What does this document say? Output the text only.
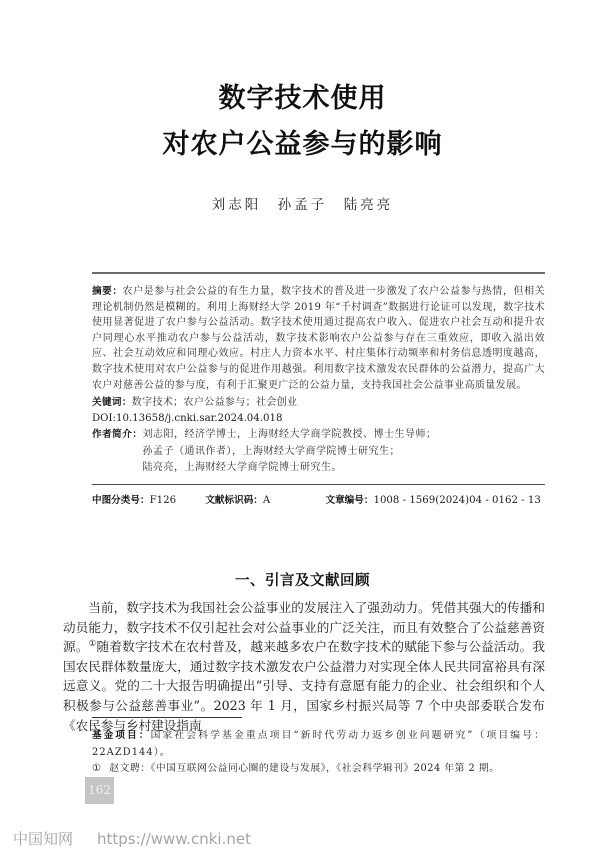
数字技术使用
对农户公益参与的影响
刘志阳　孙孟子　陆亮亮
摘要：农户是参与社会公益的有生力量，数字技术的普及进一步激发了农户公益参与热情，但相关理论机制仍然是模糊的。利用上海财经大学 2019 年“千村调查”数据进行论证可以发现，数字技术使用显著促进了农户参与公益活动。数字技术使用通过提高农户收入、促进农户社会互动和提升农户同理心水平推动农户参与公益活动，数字技术影响农户公益参与存在三重效应，即收入溢出效应、社会互动效应和同理心效应。村庄人力资本水平、村庄集体行动频率和村务信息透明度越高，数字技术使用对农户公益参与的促进作用越强。利用数字技术激发农民群体的公益潜力，提高广大农户对慈善公益的参与度，有利于汇聚更广泛的公益力量，支持我国社会公益事业高质量发展。
关键词：数字技术；农户公益参与；社会创业
DOI:10.13658/j.cnki.sar.2024.04.018
作者简介： 刘志阳，经济学博士，上海财经大学商学院教授、博士生导师；
孙孟子（通讯作者），上海财经大学商学院博士研究生；
陆亮亮，上海财经大学商学院博士研究生。
中图分类号：F126	文献标识码：A	文章编号：1008 - 1569(2024)04 - 0162 - 13
一、引言及文献回顾
当前，数字技术为我国社会公益事业的发展注入了强劲动力。凭借其强大的传播和动员能力，数字技术不仅引起社会对公益事业的广泛关注，而且有效整合了公益慈善资源。①随着数字技术在农村普及，越来越多农户在数字技术的赋能下参与公益活动。我国农民群体数量庞大，通过数字技术激发农户公益潜力对实现全体人民共同富裕具有深远意义。党的二十大报告明确提出“引导、支持有意愿有能力的企业、社会组织和个人积极参与公益慈善事业”。2023 年 1 月，国家乡村振兴局等 7 个中央部委联合发布《农民参与乡村建设指南
基金项目：国家社会科学基金重点项目“新时代劳动力返乡创业问题研究”（项目编号：22AZD144）。
① 赵文聘：《中国互联网公益同心圈的建设与发展》，《社会科学辑刊》2024 年第 2 期。
162
中国知网 https://www.cnki.net
